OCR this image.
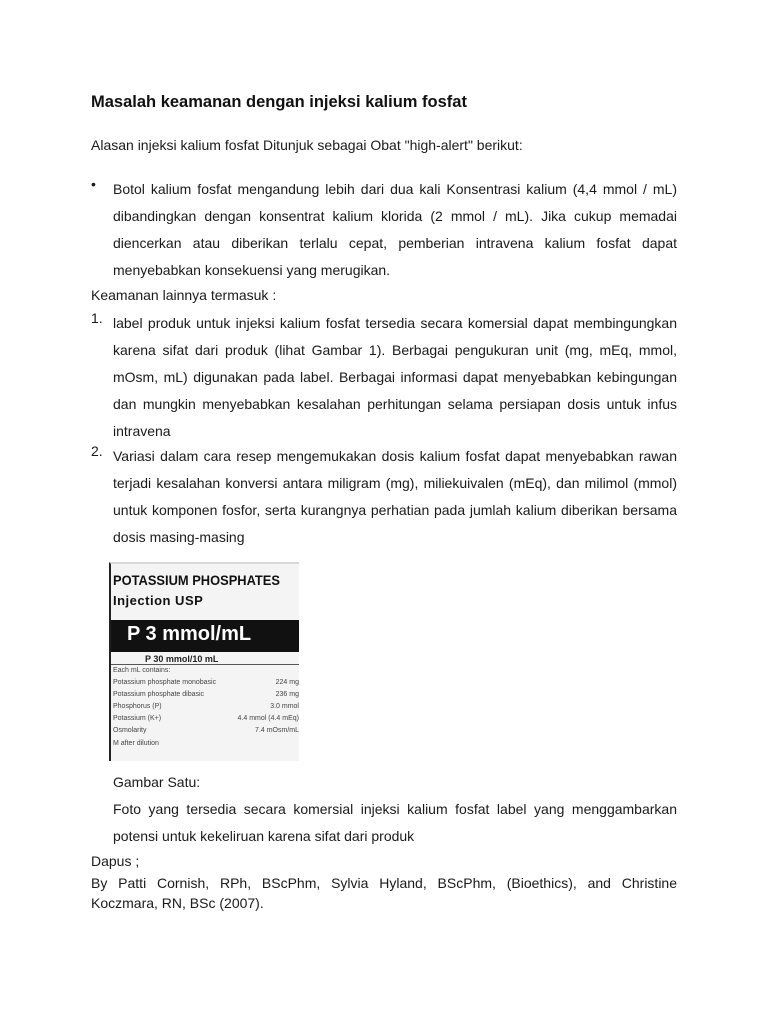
Masalah keamanan dengan injeksi kalium fosfat
Alasan injeksi kalium fosfat Ditunjuk sebagai Obat "high-alert" berikut:
• Botol kalium fosfat mengandung lebih dari dua kali Konsentrasi kalium (4,4 mmol / mL) dibandingkan dengan konsentrat kalium klorida (2 mmol / mL). Jika cukup memadai diencerkan atau diberikan terlalu cepat, pemberian intravena kalium fosfat dapat menyebabkan konsekuensi yang merugikan.
Keamanan lainnya termasuk :
1. label produk untuk injeksi kalium fosfat tersedia secara komersial dapat membingungkan karena sifat dari produk (lihat Gambar 1). Berbagai pengukuran unit (mg, mEq, mmol, mOsm, mL) digunakan pada label. Berbagai informasi dapat menyebabkan kebingungan dan mungkin menyebabkan kesalahan perhitungan selama persiapan dosis untuk infus intravena
2. Variasi dalam cara resep mengemukakan dosis kalium fosfat dapat menyebabkan rawan terjadi kesalahan konversi antara miligram (mg), miliekuivalen (mEq), dan milimol (mmol) untuk komponen fosfor, serta kurangnya perhatian pada jumlah kalium diberikan bersama dosis masing-masing
POTASSIUM PHOSPHATES
Injection USP
P 3 mmol/mL
P 30 mmol/10 mL
Each mL contains:
Potassium phosphate monobasic	224 mg
Potassium phosphate dibasic	236 mg
Phosphorus (P)	3.0 mmol
Potassium (K+)	4.4 mmol (4.4 mEq)
Osmolarity	7.4 mOsm/mL
M after dilution
Gambar Satu:
Foto yang tersedia secara komersial injeksi kalium fosfat label yang menggambarkan potensi untuk kekeliruan karena sifat dari produk
Dapus ;
By Patti Cornish, RPh, BScPhm, Sylvia Hyland, BScPhm, (Bioethics), and Christine Koczmara, RN, BSc (2007).
